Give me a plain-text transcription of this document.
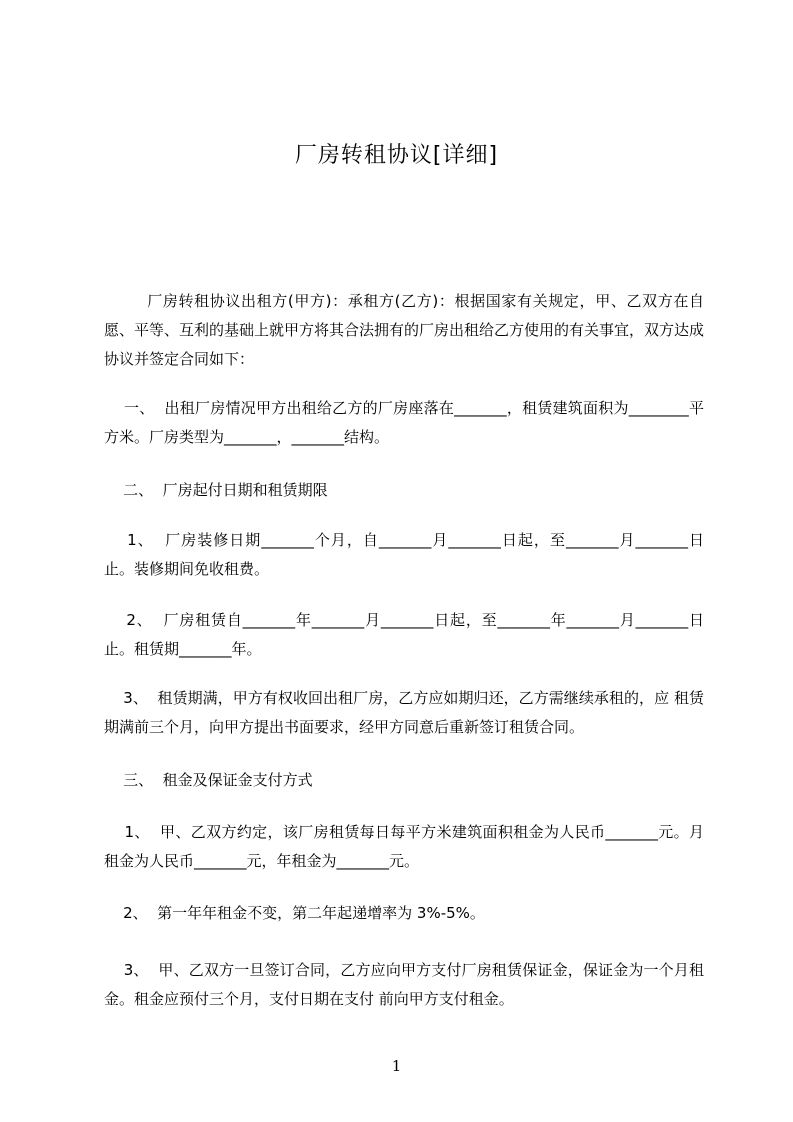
厂房转租协议[详细]
厂房转租协议出租方(甲方)：承租方(乙方)：根据国家有关规定，甲、乙双方在自愿、平等、互利的基础上就甲方将其合法拥有的厂房出租给乙方使用的有关事宜，双方达成协议并签定合同如下：
一、  出租厂房情况甲方出租给乙方的厂房座落在_______，租赁建筑面积为________平方米。厂房类型为_______，_______结构。
二、  厂房起付日期和租赁期限
1、  厂房装修日期_______个月，自_______月_______日起，至_______月_______日止。装修期间免收租费。
2、  厂房租赁自_______年_______月_______日起，至_______年_______月_______日 止。租赁期_______年。
3、  租赁期满，甲方有权收回出租厂房，乙方应如期归还，乙方需继续承租的，应 租赁期满前三个月，向甲方提出书面要求，经甲方同意后重新签订租赁合同。
三、  租金及保证金支付方式
1、  甲、乙双方约定，该厂房租赁每日每平方米建筑面积租金为人民币_______元。月租金为人民币_______元，年租金为_______元。
2、  第一年年租金不变，第二年起递增率为 3%-5%。
3、  甲、乙双方一旦签订合同，乙方应向甲方支付厂房租赁保证金，保证金为一个月租金。租金应预付三个月，支付日期在支付 前向甲方支付租金。
1
